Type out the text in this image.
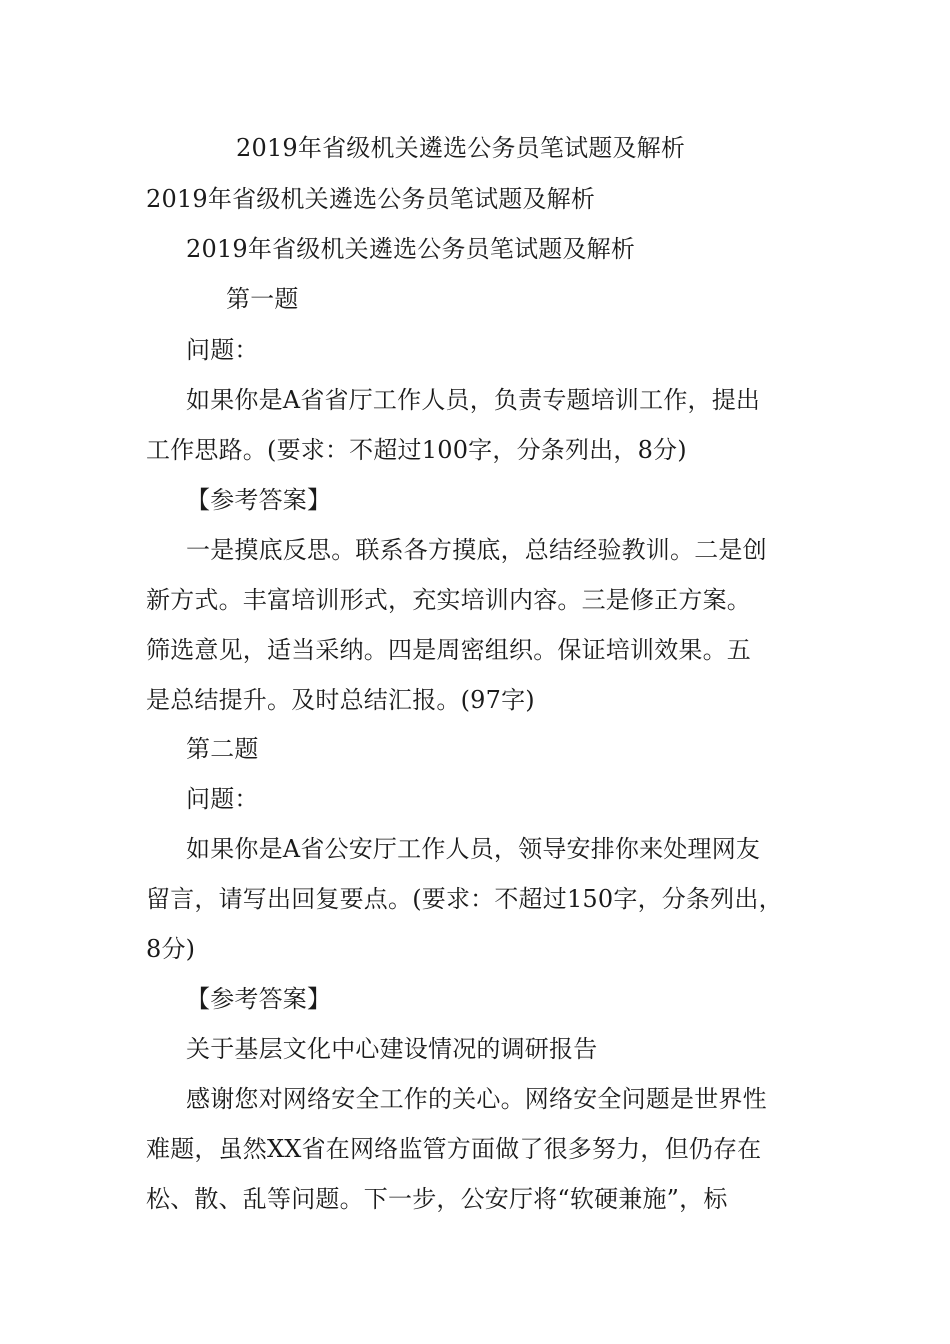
2019年省级机关遴选公务员笔试题及解析
2019年省级机关遴选公务员笔试题及解析
2019年省级机关遴选公务员笔试题及解析
第一题
问题：
如果你是A省省厅工作人员，负责专题培训工作，提出
工作思路。(要求：不超过100字，分条列出，8分)
【参考答案】
一是摸底反思。联系各方摸底，总结经验教训。二是创
新方式。丰富培训形式，充实培训内容。三是修正方案。
筛选意见，适当采纳。四是周密组织。保证培训效果。五
是总结提升。及时总结汇报。(97字)
第二题
问题：
如果你是A省公安厅工作人员，领导安排你来处理网友
留言，请写出回复要点。(要求：不超过150字，分条列出，
8分)
【参考答案】
关于基层文化中心建设情况的调研报告
感谢您对网络安全工作的关心。网络安全问题是世界性
难题，虽然XX省在网络监管方面做了很多努力，但仍存在
松、散、乱等问题。下一步，公安厅将“软硬兼施”，标
